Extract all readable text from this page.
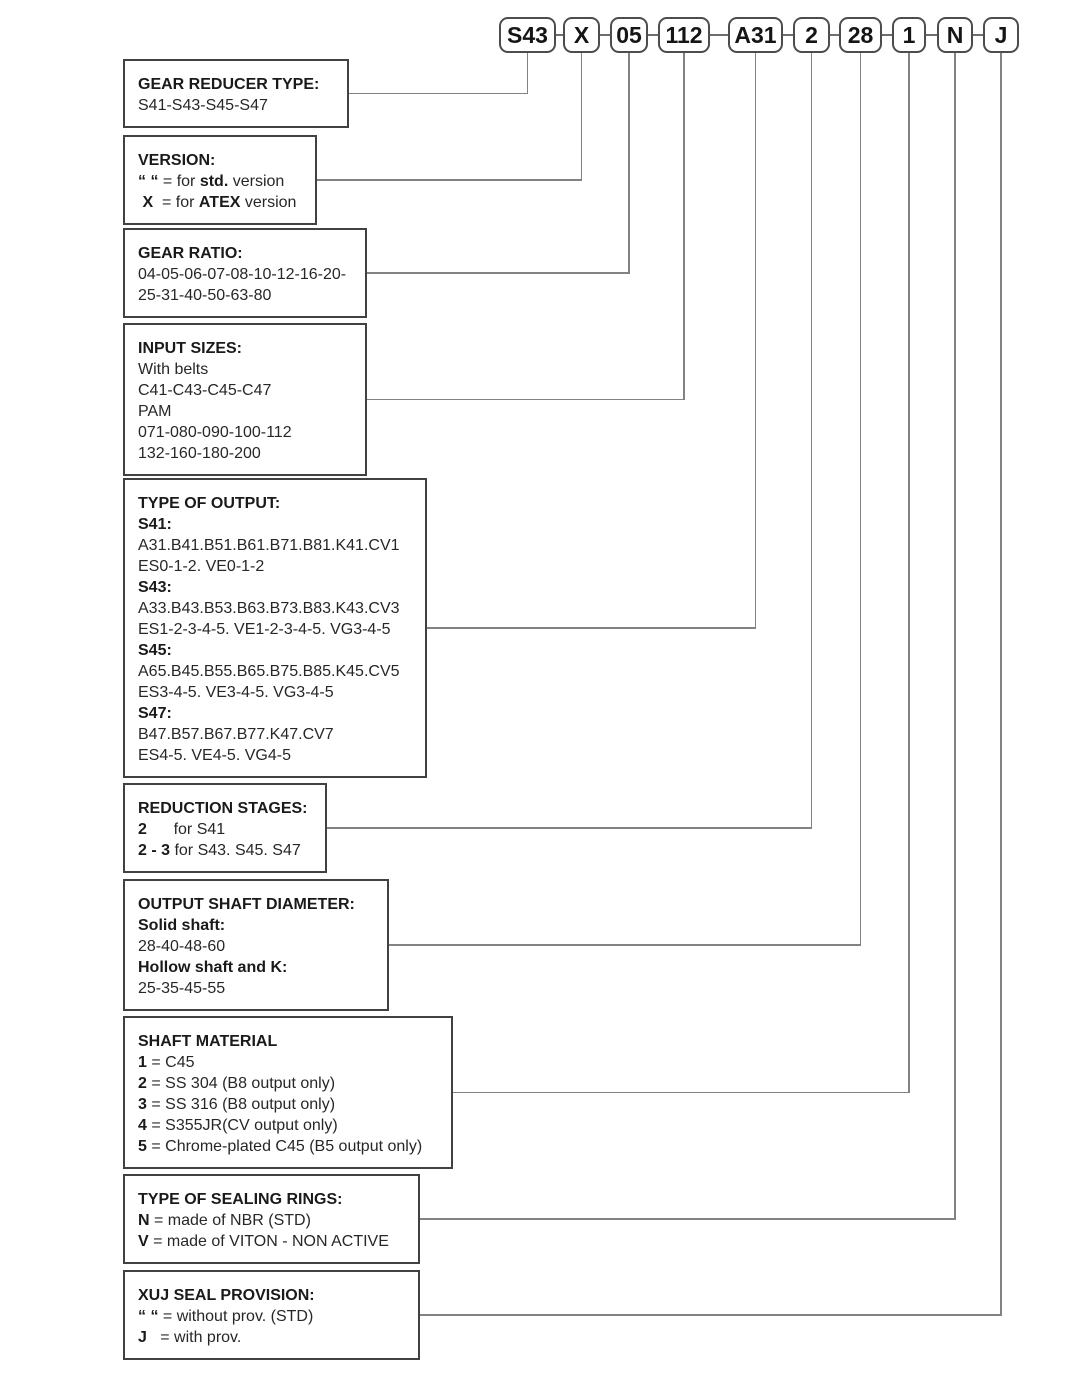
S43 X 05 112 A31 2 28 1 N J
GEAR REDUCER TYPE:
S41-S43-S45-S47
VERSION:
“ “ = for std. version
X  = for ATEX version
GEAR RATIO:
04-05-06-07-08-10-12-16-20-
25-31-40-50-63-80
INPUT SIZES:
With belts
C41-C43-C45-C47
PAM
071-080-090-100-112
132-160-180-200
TYPE OF OUTPUT:
S41:
A31.B41.B51.B61.B71.B81.K41.CV1
ES0-1-2. VE0-1-2
S43:
A33.B43.B53.B63.B73.B83.K43.CV3
ES1-2-3-4-5. VE1-2-3-4-5. VG3-4-5
S45:
A65.B45.B55.B65.B75.B85.K45.CV5
ES3-4-5. VE3-4-5. VG3-4-5
S47:
B47.B57.B67.B77.K47.CV7
ES4-5. VE4-5. VG4-5
REDUCTION STAGES:
2      for S41
2 - 3 for S43. S45. S47
OUTPUT SHAFT DIAMETER:
Solid shaft:
28-40-48-60
Hollow shaft and K:
25-35-45-55
SHAFT MATERIAL
1 = C45
2 = SS 304 (B8 output only)
3 = SS 316 (B8 output only)
4 = S355JR(CV output only)
5 = Chrome-plated C45 (B5 output only)
TYPE OF SEALING RINGS:
N = made of NBR (STD)
V = made of VITON - NON ACTIVE
XUJ SEAL PROVISION:
“ “ = without prov. (STD)
J   = with prov.
